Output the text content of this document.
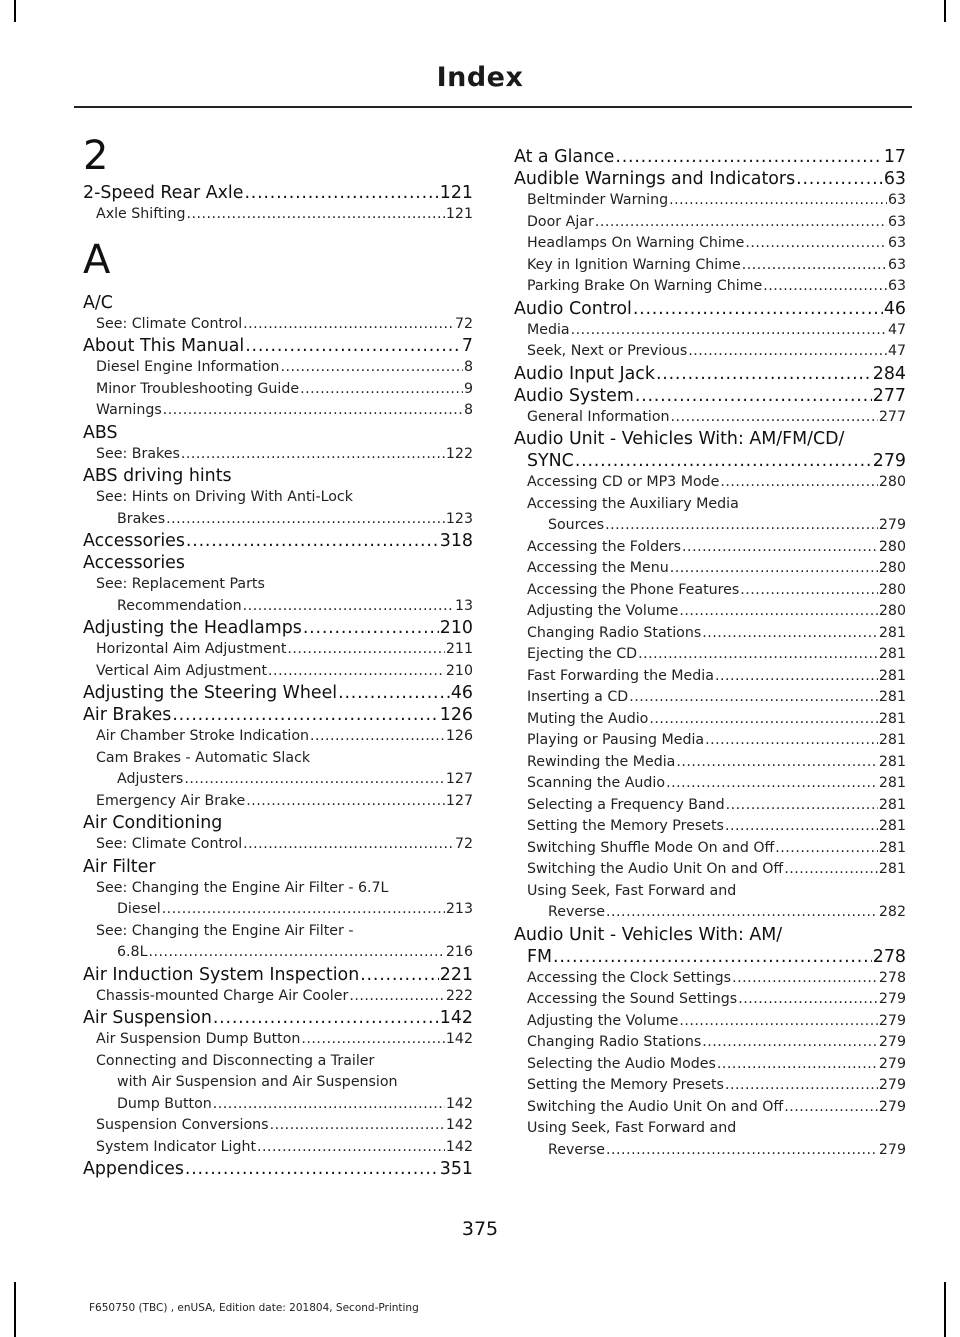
Index
2
2-Speed Rear Axle .....	121
Axle Shifting .....	121
A
A/C
See: Climate Control .....	72
About This Manual .....	7
Diesel Engine Information .....	8
Minor Troubleshooting Guide .....	9
Warnings .....	8
ABS
See: Brakes .....	122
ABS driving hints
See: Hints on Driving With Anti-Lock
Brakes .....	123
Accessories .....	318
Accessories
See: Replacement Parts
Recommendation .....	13
Adjusting the Headlamps .....	210
Horizontal Aim Adjustment .....	211
Vertical Aim Adjustment .....	210
Adjusting the Steering Wheel .....	46
Air Brakes .....	126
Air Chamber Stroke Indication .....	126
Cam Brakes - Automatic Slack
Adjusters .....	127
Emergency Air Brake .....	127
Air Conditioning
See: Climate Control .....	72
Air Filter
See: Changing the Engine Air Filter - 6.7L
Diesel .....	213
See: Changing the Engine Air Filter -
6.8L .....	216
Air Induction System Inspection .....	221
Chassis-mounted Charge Air Cooler .....	222
Air Suspension .....	142
Air Suspension Dump Button .....	142
Connecting and Disconnecting a Trailer
with Air Suspension and Air Suspension
Dump Button .....	142
Suspension Conversions .....	142
System Indicator Light .....	142
Appendices .....	351
At a Glance .....	17
Audible Warnings and Indicators .....	63
Beltminder Warning .....	63
Door Ajar .....	63
Headlamps On Warning Chime .....	63
Key in Ignition Warning Chime .....	63
Parking Brake On Warning Chime .....	63
Audio Control .....	46
Media .....	47
Seek, Next or Previous .....	47
Audio Input Jack .....	284
Audio System .....	277
General Information .....	277
Audio Unit - Vehicles With: AM/FM/CD/
SYNC .....	279
Accessing CD or MP3 Mode .....	280
Accessing the Auxiliary Media
Sources .....	279
Accessing the Folders .....	280
Accessing the Menu .....	280
Accessing the Phone Features .....	280
Adjusting the Volume .....	280
Changing Radio Stations .....	281
Ejecting the CD .....	281
Fast Forwarding the Media .....	281
Inserting a CD .....	281
Muting the Audio .....	281
Playing or Pausing Media .....	281
Rewinding the Media .....	281
Scanning the Audio .....	281
Selecting a Frequency Band .....	281
Setting the Memory Presets .....	281
Switching Shuffle Mode On and Off .....	281
Switching the Audio Unit On and Off .....	281
Using Seek, Fast Forward and
Reverse .....	282
Audio Unit - Vehicles With: AM/
FM .....	278
Accessing the Clock Settings .....	278
Accessing the Sound Settings .....	279
Adjusting the Volume .....	279
Changing Radio Stations .....	279
Selecting the Audio Modes .....	279
Setting the Memory Presets .....	279
Switching the Audio Unit On and Off .....	279
Using Seek, Fast Forward and
Reverse .....	279
375
F650750 (TBC) , enUSA, Edition date: 201804, Second-Printing
